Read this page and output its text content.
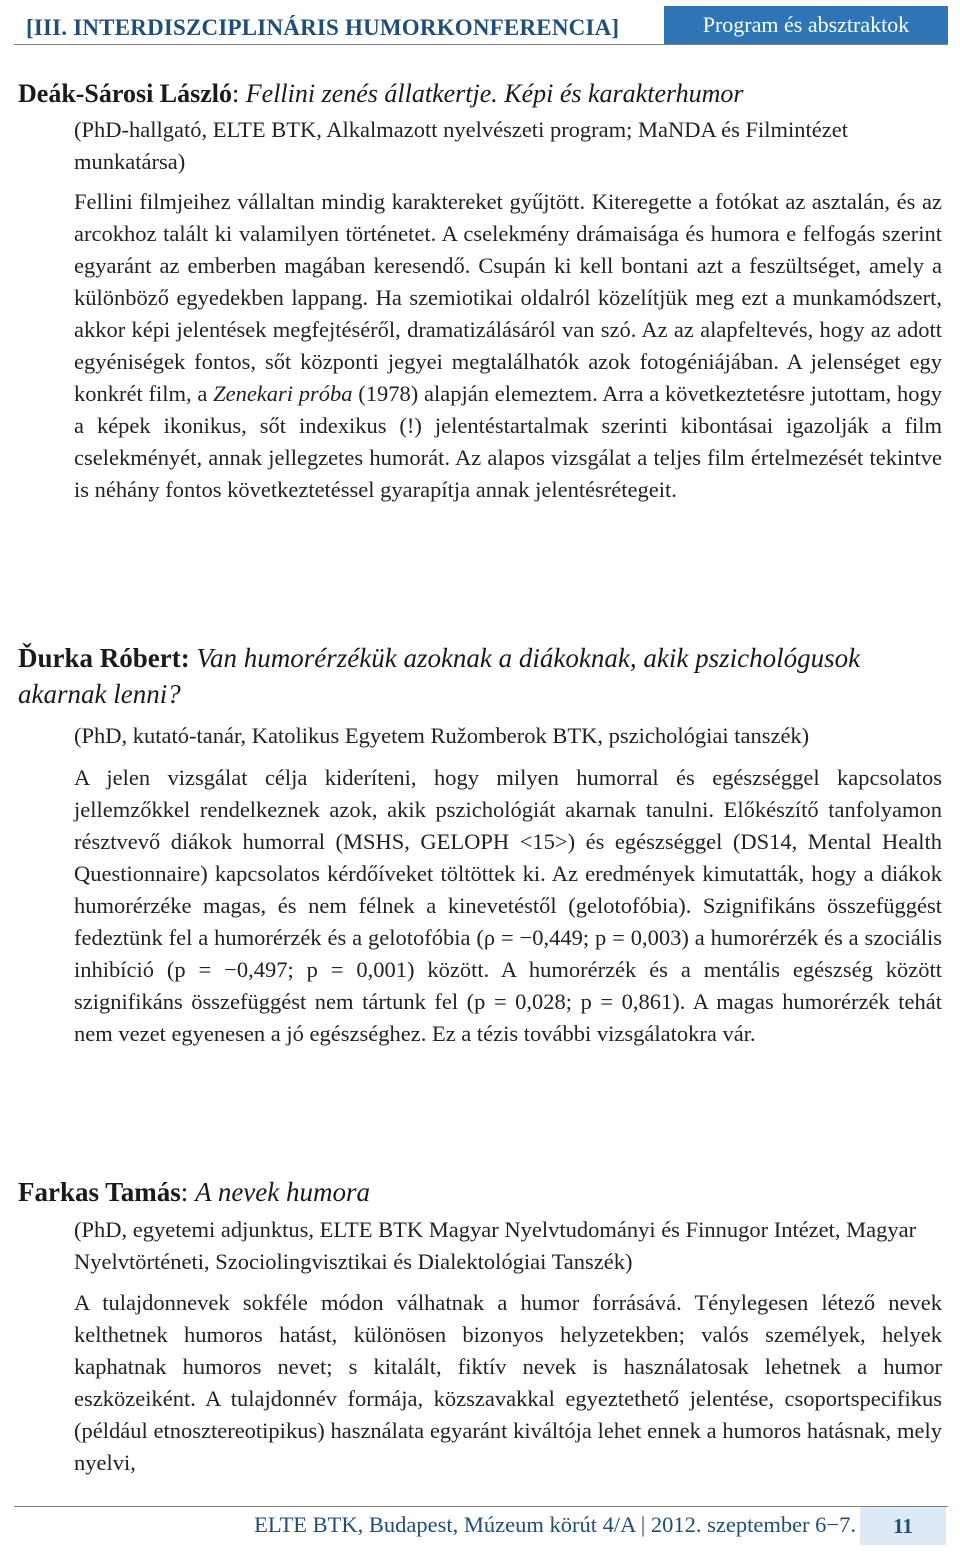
[III. INTERDISZCIPLINÁRIS HUMORKONFERENCIA]	Program és absztraktok
Deák-Sárosi László: Fellini zenés állatkertje. Képi és karakterhumor
(PhD-hallgató, ELTE BTK, Alkalmazott nyelvészeti program; MaNDA és Filmintézet munkatársa)
Fellini filmjeihez vállaltan mindig karaktereket gyűjtött. Kiteregette a fotókat az asztalán, és az arcokhoz talált ki valamilyen történetet. A cselekmény drámaisága és humora e felfogás szerint egyaránt az emberben magában keresendő. Csupán ki kell bontani azt a feszültséget, amely a különböző egyedekben lappang. Ha szemiotikai oldalról közelítjük meg ezt a munkamódszert, akkor képi jelentések megfejtéséről, dramatizálásáról van szó. Az az alapfeltevés, hogy az adott egyéniségek fontos, sőt központi jegyei megtalálhatók azok fotogéniájában. A jelenséget egy konkrét film, a Zenekari próba (1978) alapján elemeztem. Arra a következtetésre jutottam, hogy a képek ikonikus, sőt indexikus (!) jelentéstartalmak szerinti kibontásai igazolják a film cselekményét, annak jellegzetes humorát. Az alapos vizsgálat a teljes film értelmezését tekintve is néhány fontos következtetéssel gyarapítja annak jelentésrétegeit.
Ďurka Róbert: Van humorérzékük azoknak a diákoknak, akik pszichológusok akarnak lenni?
(PhD, kutató-tanár, Katolikus Egyetem Ružomberok BTK, pszichológiai tanszék)
A jelen vizsgálat célja kideríteni, hogy milyen humorral és egészséggel kapcsolatos jellemzőkkel rendelkeznek azok, akik pszichológiát akarnak tanulni. Előkészítő tanfolyamon résztvevő diákok humorral (MSHS, GELOPH <15>) és egészséggel (DS14, Mental Health Questionnaire) kapcsolatos kérdőíveket töltöttek ki. Az eredmények kimutatták, hogy a diákok humorérzéke magas, és nem félnek a kinevetéstől (gelotofóbia). Szignifikáns összefüggést fedeztünk fel a humorérzék és a gelotofóbia (ρ = −0,449; p = 0,003) a humorérzék és a szociális inhibíció (p = −0,497; p = 0,001) között. A humorérzék és a mentális egészség között szignifikáns összefüggést nem tártunk fel (p = 0,028; p = 0,861). A magas humorérzék tehát nem vezet egyenesen a jó egészséghez. Ez a tézis további vizsgálatokra vár.
Farkas Tamás: A nevek humora
(PhD, egyetemi adjunktus, ELTE BTK Magyar Nyelvtudományi és Finnugor Intézet, Magyar Nyelvtörténeti, Szociolingvisztikai és Dialektológiai Tanszék)
A tulajdonnevek sokféle módon válhatnak a humor forrásává. Ténylegesen létező nevek kelthetnek humoros hatást, különösen bizonyos helyzetekben; valós személyek, helyek kaphatnak humoros nevet; s kitalált, fiktív nevek is használatosak lehetnek a humor eszközeiként. A tulajdonnév formája, közszavakkal egyeztethető jelentése, csoportspecifikus (például etnosztereotipikus) használata egyaránt kiváltója lehet ennek a humoros hatásnak, mely nyelvi,
ELTE BTK, Budapest, Múzeum körút 4/A | 2012. szeptember 6−7.	11
